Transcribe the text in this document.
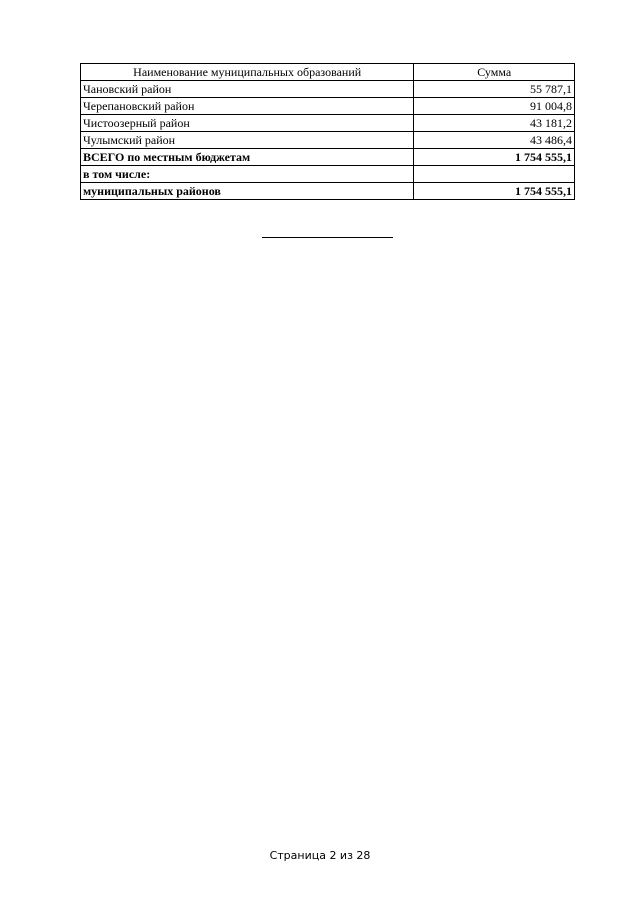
Наименование муниципальных образований	Сумма
Чановский район	55 787,1
Черепановский район	91 004,8
Чистоозерный район	43 181,2
Чулымский район	43 486,4
ВСЕГО по местным бюджетам	1 754 555,1
в том числе:	
муниципальных районов	1 754 555,1
Страница 2 из 28
